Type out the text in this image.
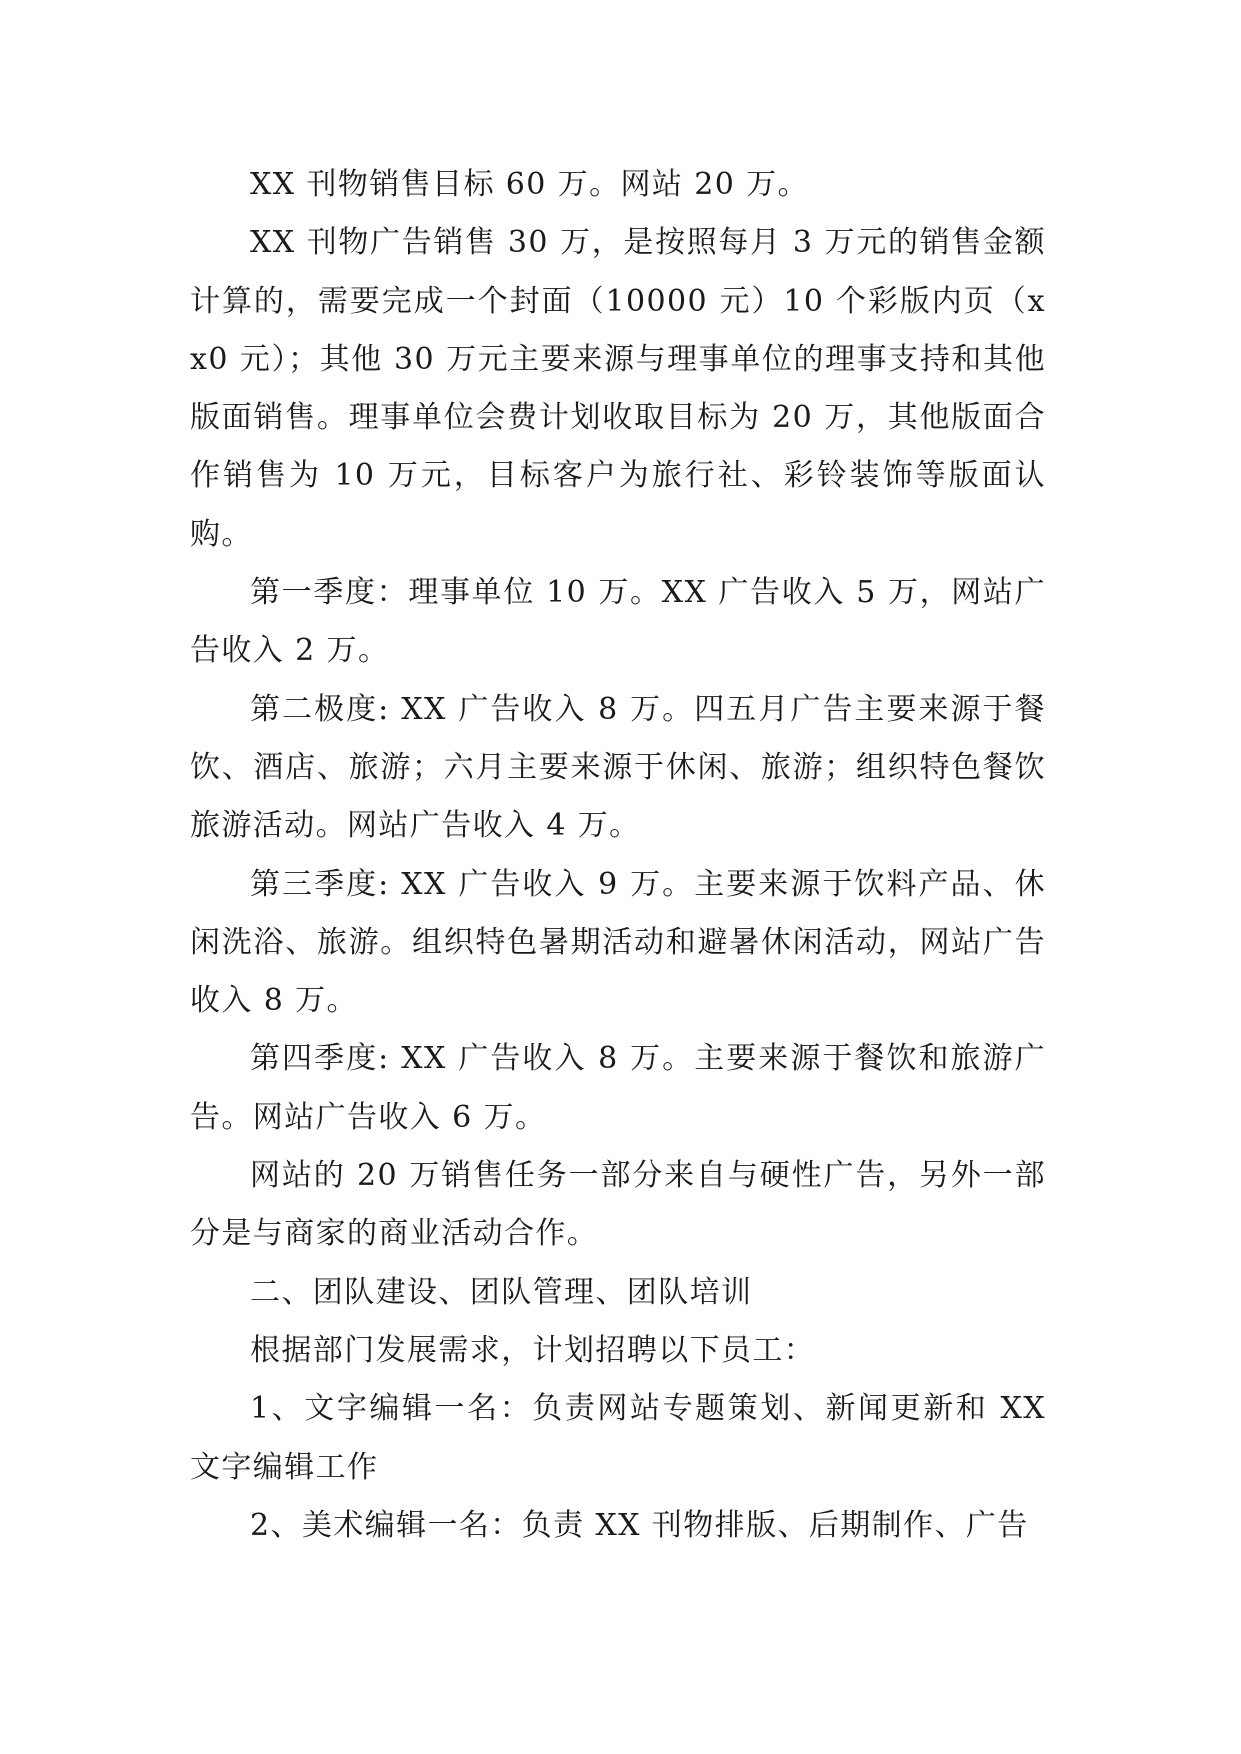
XX 刊物销售目标 60 万。网站 20 万。

XX 刊物广告销售 30 万，是按照每月 3 万元的销售金额计算的，需要完成一个封面（10000 元）10 个彩版内页（xx0 元）；其他 30 万元主要来源与理事单位的理事支持和其他版面销售。理事单位会费计划收取目标为 20 万，其他版面合作销售为 10 万元，目标客户为旅行社、彩铃装饰等版面认购。

第一季度：理事单位 10 万。XX 广告收入 5 万，网站广告收入 2 万。

第二极度: XX 广告收入 8 万。四五月广告主要来源于餐饮、酒店、旅游；六月主要来源于休闲、旅游；组织特色餐饮旅游活动。网站广告收入 4 万。

第三季度: XX 广告收入 9 万。主要来源于饮料产品、休闲洗浴、旅游。组织特色暑期活动和避暑休闲活动，网站广告收入 8 万。

第四季度: XX 广告收入 8 万。主要来源于餐饮和旅游广告。网站广告收入 6 万。

网站的 20 万销售任务一部分来自与硬性广告，另外一部分是与商家的商业活动合作。

二、团队建设、团队管理、团队培训

根据部门发展需求，计划招聘以下员工：

1、文字编辑一名：负责网站专题策划、新闻更新和 XX 文字编辑工作

2、美术编辑一名：负责 XX 刊物排版、后期制作、广告
